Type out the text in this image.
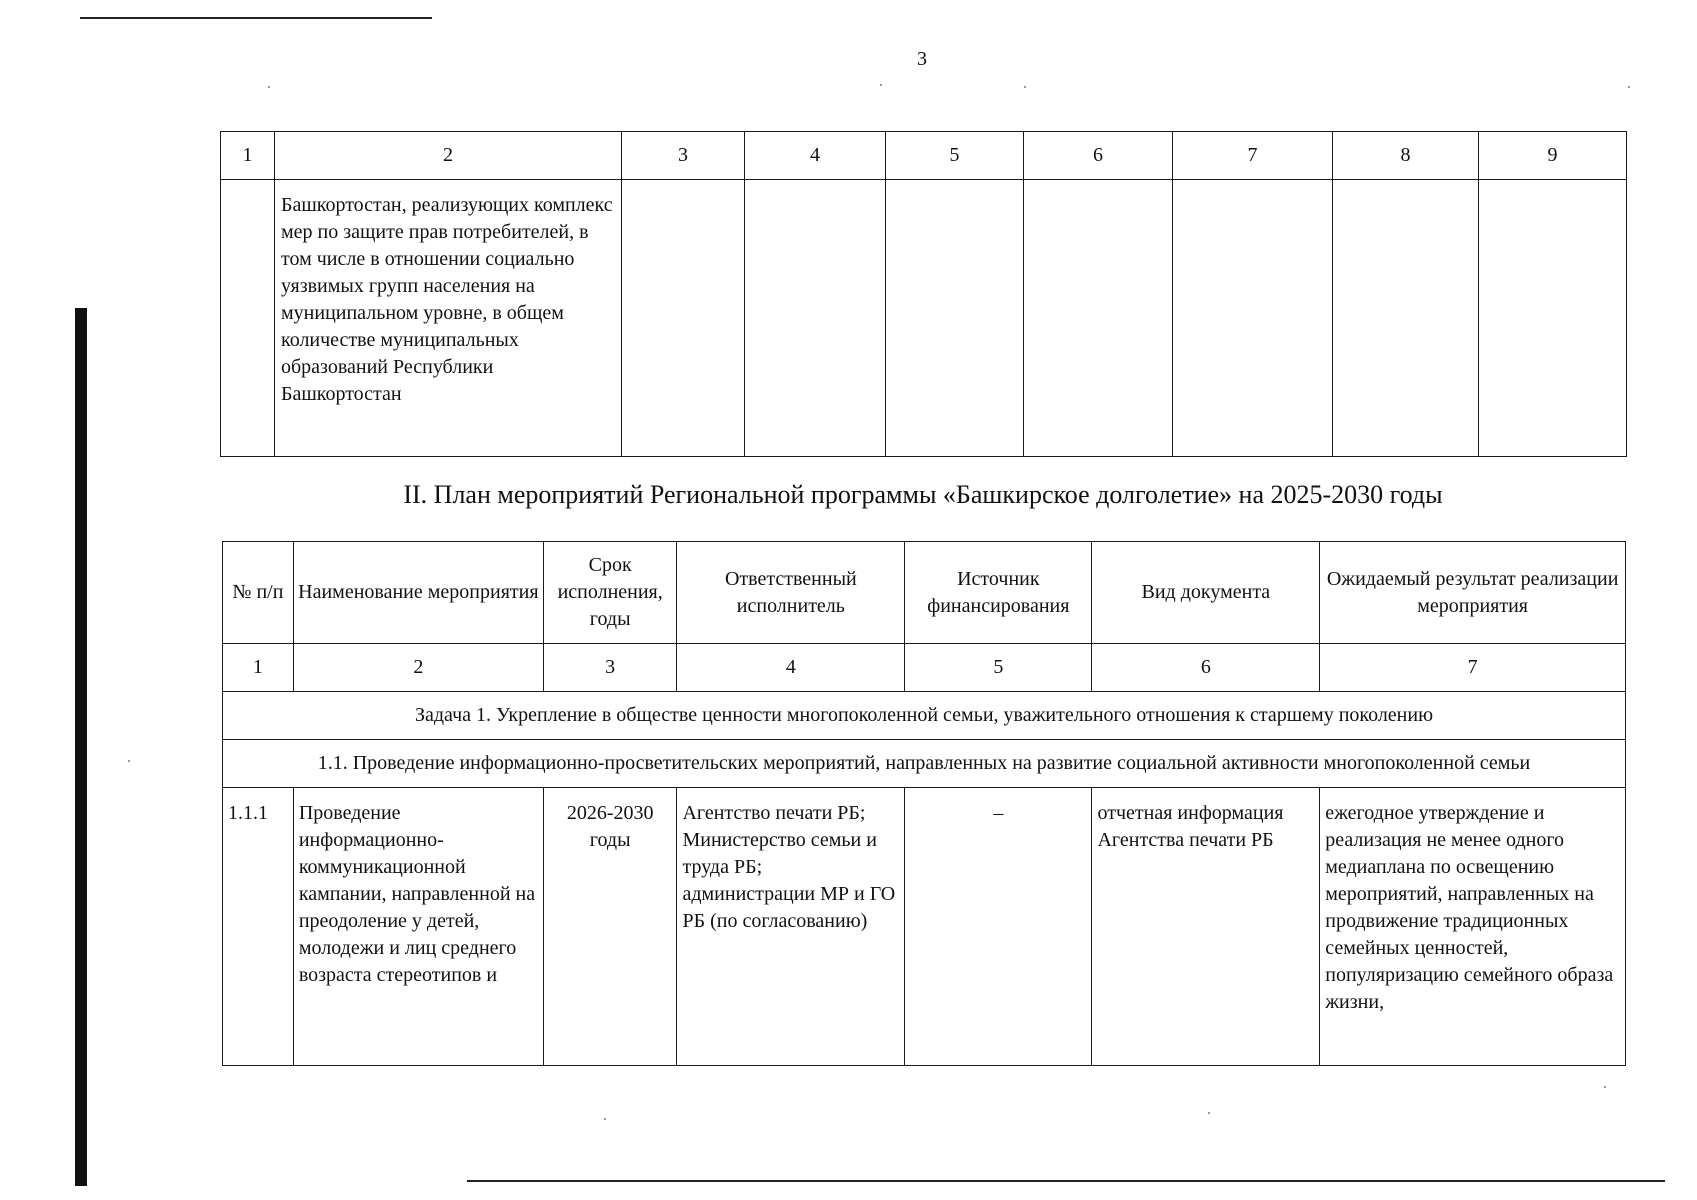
3
1	2	3	4	5	6	7	8	9
	Башкортостан, реализующих комплекс мер по защите прав потребителей, в том числе в отношении социально уязвимых групп населения на муниципальном уровне, в общем количестве муниципальных образований Республики Башкортостан							
II. План мероприятий Региональной программы «Башкирское долголетие» на 2025-2030 годы
№ п/п	Наименование мероприятия	Срок исполнения, годы	Ответственный исполнитель	Источник финансирования	Вид документа	Ожидаемый результат реализации мероприятия
1	2	3	4	5	6	7
Задача 1. Укрепление в обществе ценности многопоколенной семьи, уважительного отношения к старшему поколению						
1.1. Проведение информационно-просветительских мероприятий, направленных на развитие социальной активности многопоколенной семьи						
1.1.1	Проведение информационно-коммуникационной кампании, направленной на преодоление у детей, молодежи и лиц среднего возраста стереотипов и	2026-2030 годы	Агентство печати РБ; Министерство семьи и труда РБ; администрации МР и ГО РБ (по согласованию)	–	отчетная информация Агентства печати РБ	ежегодное утверждение и реализация не менее одного медиаплана по освещению мероприятий, направленных на продвижение традиционных семейных ценностей, популяризацию семейного образа жизни,
